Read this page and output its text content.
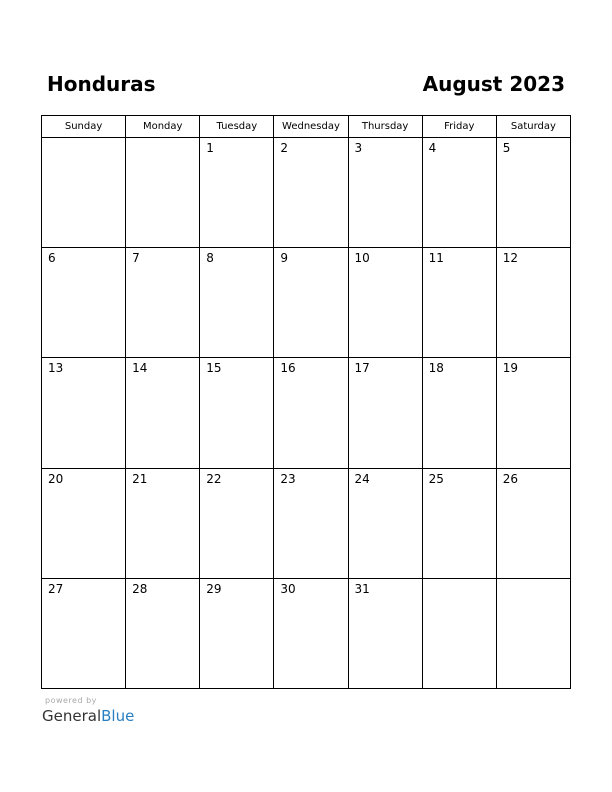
Honduras	August 2023
Sunday	Monday	Tuesday	Wednesday	Thursday	Friday	Saturday

		1	2	3	4	5

6	7	8	9	10	11	12

13	14	15	16	17	18	19

20	21	22	23	24	25	26

27	28	29	30	31		

powered by
GeneralBlue
